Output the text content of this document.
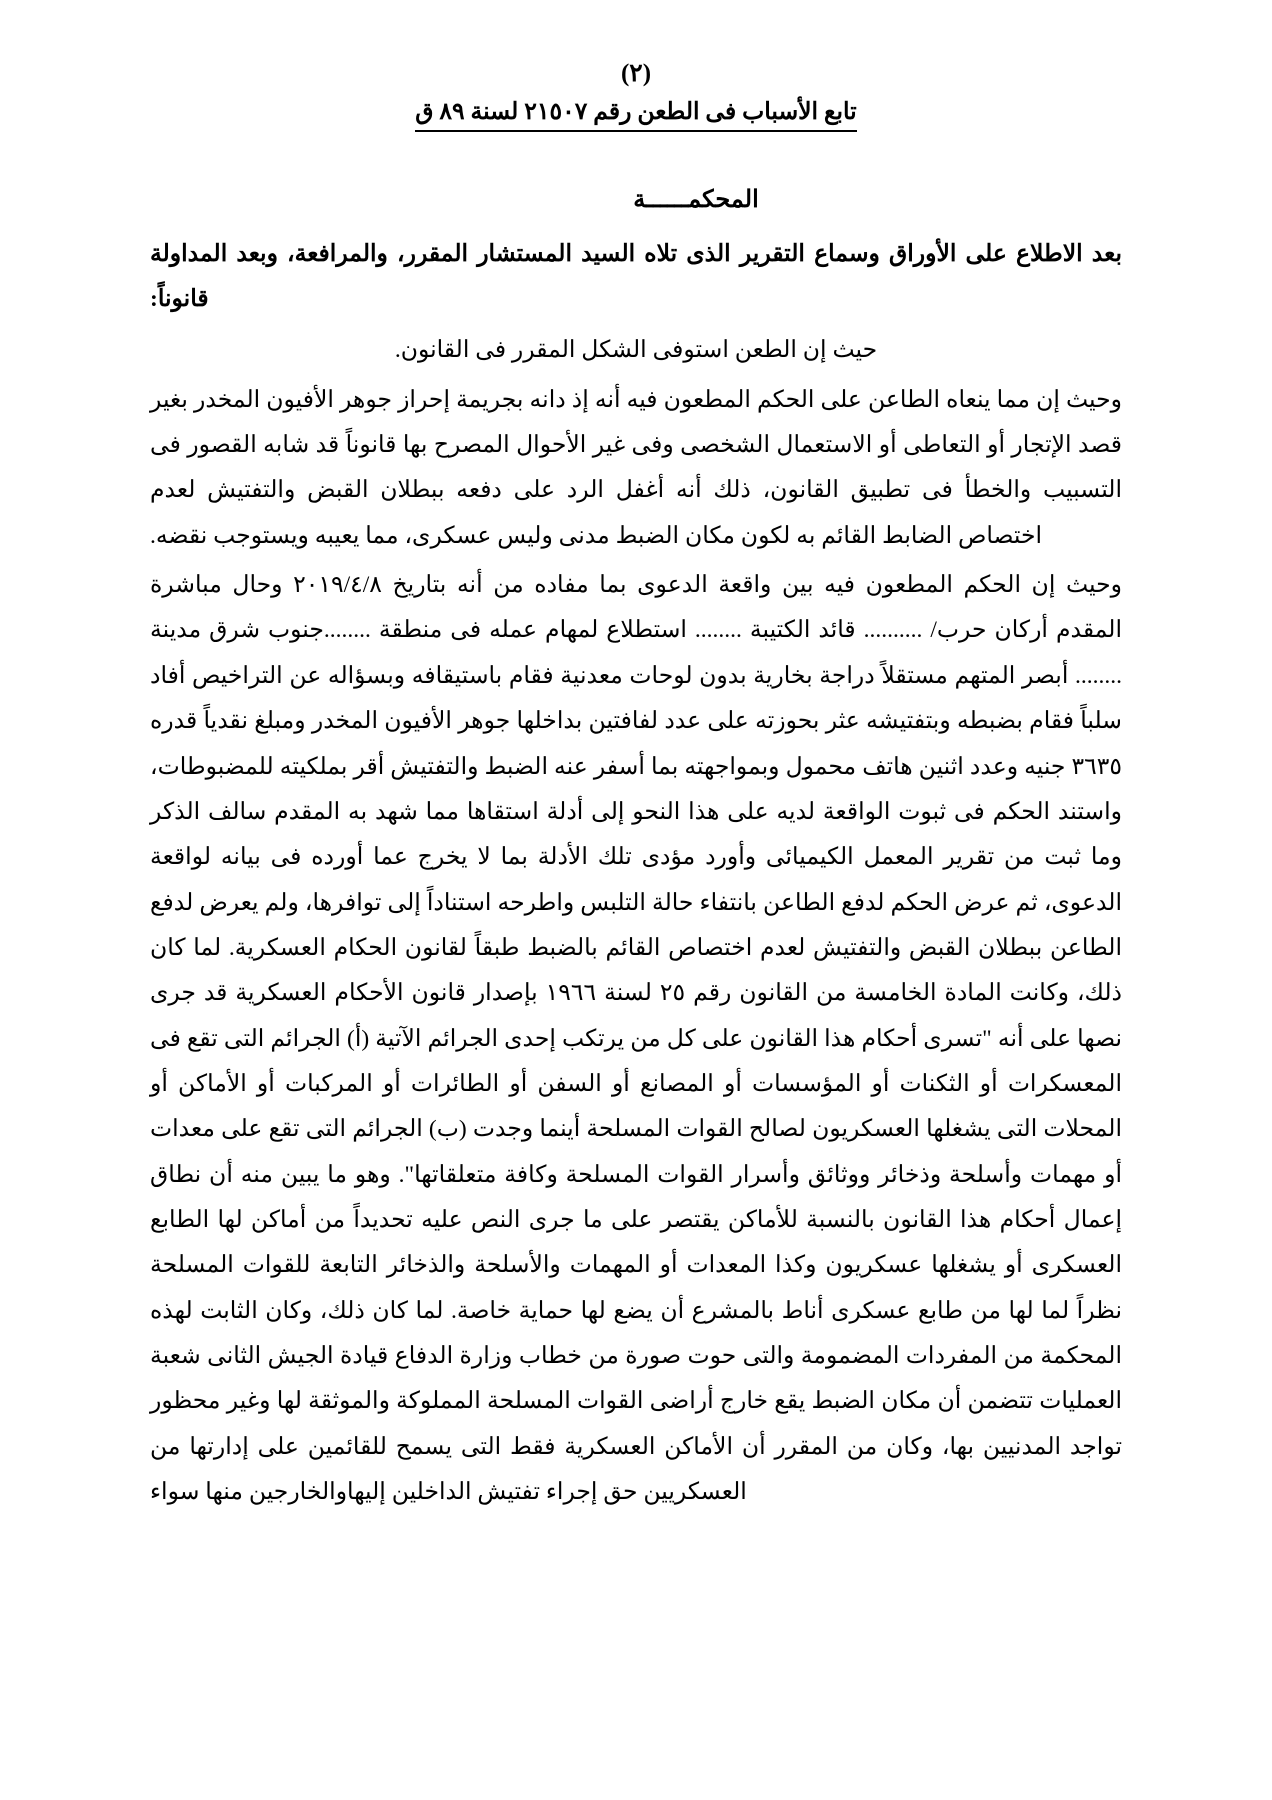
(٢)
تابع الأسباب فى الطعن رقم ٢١٥٠٧ لسنة ٨٩ ق
المحكمــــــة

بعد الاطلاع على الأوراق وسماع التقرير الذى تلاه السيد المستشار المقرر، والمرافعة، وبعد المداولة قانوناً:

حيث إن الطعن استوفى الشكل المقرر فى القانون.

وحيث إن مما ينعاه الطاعن على الحكم المطعون فيه أنه إذ دانه بجريمة إحراز جوهر الأفيون المخدر بغير قصد الإتجار أو التعاطى أو الاستعمال الشخصى وفى غير الأحوال المصرح بها قانوناً قد شابه القصور فى التسبيب والخطأ فى تطبيق القانون، ذلك أنه أغفل الرد على دفعه ببطلان القبض والتفتيش لعدم اختصاص الضابط القائم به لكون مكان الضبط مدنى وليس عسكرى، مما يعيبه ويستوجب نقضه.

وحيث إن الحكم المطعون فيه بين واقعة الدعوى بما مفاده من أنه بتاريخ ٢٠١٩/٤/٨ وحال مباشرة المقدم أركان حرب/ .......... قائد الكتيبة ........ استطلاع لمهام عمله فى منطقة ........جنوب شرق مدينة ........ أبصر المتهم مستقلاً دراجة بخارية بدون لوحات معدنية فقام باستيقافه وبسؤاله عن التراخيص أفاد سلباً فقام بضبطه وبتفتيشه عثر بحوزته على عدد لفافتين بداخلها جوهر الأفيون المخدر ومبلغ نقدياً قدره ٣٦٣٥ جنيه وعدد اثنين هاتف محمول وبمواجهته بما أسفر عنه الضبط والتفتيش أقر بملكيته للمضبوطات، واستند الحكم فى ثبوت الواقعة لديه على هذا النحو إلى أدلة استقاها مما شهد به المقدم سالف الذكر وما ثبت من تقرير المعمل الكيميائى وأورد مؤدى تلك الأدلة بما لا يخرج عما أورده فى بيانه لواقعة الدعوى، ثم عرض الحكم لدفع الطاعن بانتفاء حالة التلبس واطرحه استناداً إلى توافرها، ولم يعرض لدفع الطاعن ببطلان القبض والتفتيش لعدم اختصاص القائم بالضبط طبقاً لقانون الحكام العسكرية. لما كان ذلك، وكانت المادة الخامسة من القانون رقم ٢٥ لسنة ١٩٦٦ بإصدار قانون الأحكام العسكرية قد جرى نصها على أنه "تسرى أحكام هذا القانون على كل من يرتكب إحدى الجرائم الآتية (أ) الجرائم التى تقع فى المعسكرات أو الثكنات أو المؤسسات أو المصانع أو السفن أو الطائرات أو المركبات أو الأماكن أو المحلات التى يشغلها العسكريون لصالح القوات المسلحة أينما وجدت (ب) الجرائم التى تقع على معدات أو مهمات وأسلحة وذخائر ووثائق وأسرار القوات المسلحة وكافة متعلقاتها". وهو ما يبين منه أن نطاق إعمال أحكام هذا القانون بالنسبة للأماكن يقتصر على ما جرى النص عليه تحديداً من أماكن لها الطابع العسكرى أو يشغلها عسكريون وكذا المعدات أو المهمات والأسلحة والذخائر التابعة للقوات المسلحة نظراً لما لها من طابع عسكرى أناط بالمشرع أن يضع لها حماية خاصة. لما كان ذلك، وكان الثابت لهذه المحكمة من المفردات المضمومة والتى حوت صورة من خطاب وزارة الدفاع قيادة الجيش الثانى شعبة العمليات تتضمن أن مكان الضبط يقع خارج أراضى القوات المسلحة المملوكة والموثقة لها وغير محظور تواجد المدنيين بها، وكان من المقرر أن الأماكن العسكرية فقط التى يسمح للقائمين على إدارتها من العسكريين حق إجراء تفتيش الداخلين إليهاوالخارجين منها سواء
